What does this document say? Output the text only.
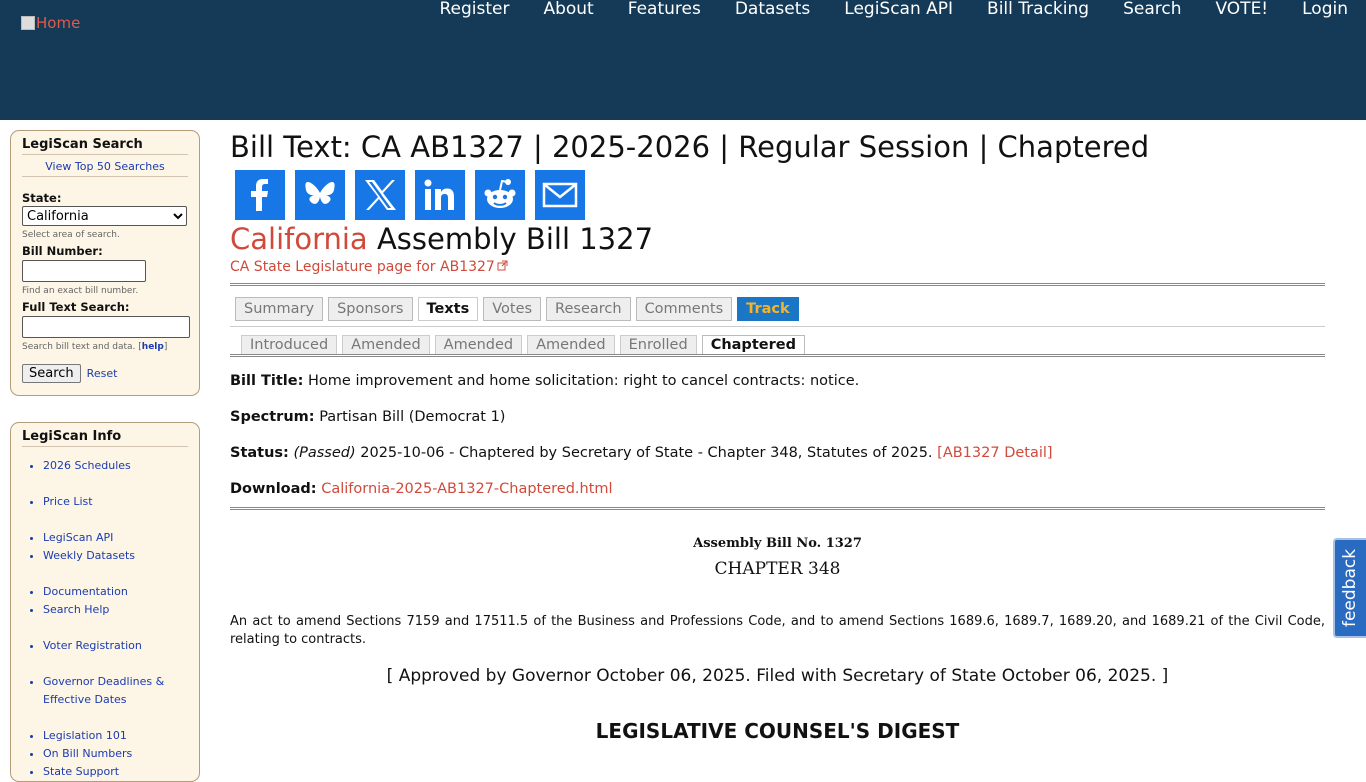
Home
Register About Features Datasets LegiScan API Bill Tracking Search VOTE! Login
LegiScan Search
View Top 50 Searches
State:
California
Select area of search.
Bill Number:
Find an exact bill number.
Full Text Search:
Search bill text and data. [help]
Search	Reset
LegiScan Info
• 2026 Schedules
• Price List
• LegiScan API
• Weekly Datasets
• Documentation
• Search Help
• Voter Registration
• Governor Deadlines &
Effective Dates
• Legislation 101
• On Bill Numbers
• State Support
Bill Text: CA AB1327 | 2025-2026 | Regular Session | Chaptered
California Assembly Bill 1327
CA State Legislature page for AB1327
Summary	Sponsors	Texts	Votes	Research	Comments	Track
Introduced	Amended	Amended	Amended	Enrolled	Chaptered
Bill Title: Home improvement and home solicitation: right to cancel contracts: notice.
Spectrum: Partisan Bill (Democrat 1)
Status: (Passed) 2025-10-06 - Chaptered by Secretary of State - Chapter 348, Statutes of 2025. [AB1327 Detail]
Download: California-2025-AB1327-Chaptered.html
Assembly Bill No. 1327
CHAPTER 348
An act to amend Sections 7159 and 17511.5 of the Business and Professions Code, and to amend Sections 1689.6, 1689.7, 1689.20, and 1689.21 of the Civil Code, relating to contracts.
[ Approved by Governor October 06, 2025. Filed with Secretary of State October 06, 2025. ]
LEGISLATIVE COUNSEL'S DIGEST
feedback
